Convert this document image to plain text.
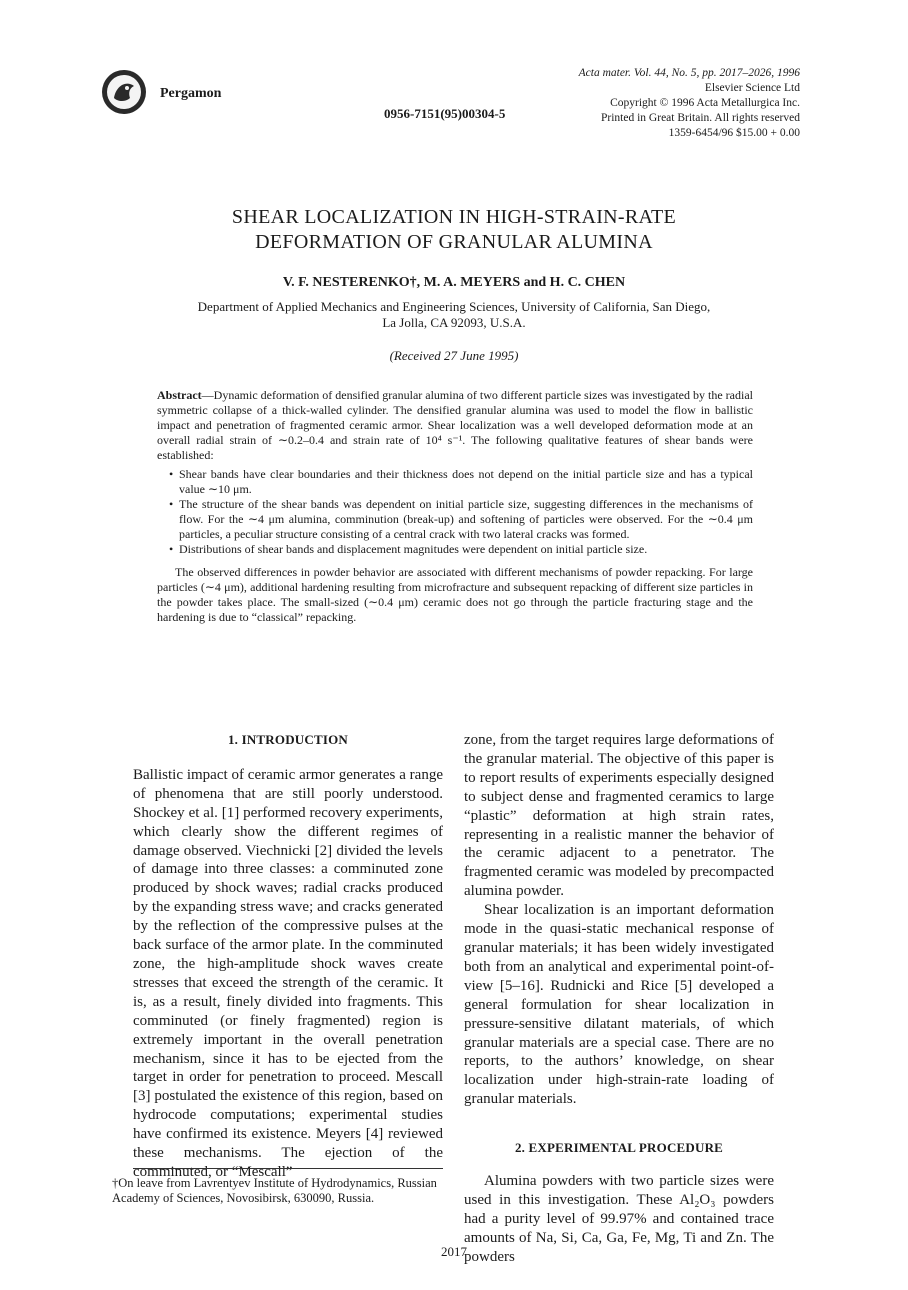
Pergamon
0956-7151(95)00304-5
Acta mater. Vol. 44, No. 5, pp. 2017–2026, 1996
Elsevier Science Ltd
Copyright © 1996 Acta Metallurgica Inc.
Printed in Great Britain. All rights reserved
1359-6454/96 $15.00 + 0.00
SHEAR LOCALIZATION IN HIGH-STRAIN-RATE
DEFORMATION OF GRANULAR ALUMINA
V. F. NESTERENKO†, M. A. MEYERS and H. C. CHEN
Department of Applied Mechanics and Engineering Sciences, University of California, San Diego,
La Jolla, CA 92093, U.S.A.
(Received 27 June 1995)

Abstract—Dynamic deformation of densified granular alumina of two different particle sizes was investigated by the radial symmetric collapse of a thick-walled cylinder. The densified granular alumina was used to model the flow in ballistic impact and penetration of fragmented ceramic armor. Shear localization was a well developed deformation mode at an overall radial strain of ∼0.2–0.4 and strain rate of 10⁴ s⁻¹. The following qualitative features of shear bands were established:

• Shear bands have clear boundaries and their thickness does not depend on the initial particle size and has a typical value ∼10 μm.
• The structure of the shear bands was dependent on initial particle size, suggesting differences in the mechanisms of flow. For the ∼4 μm alumina, comminution (break-up) and softening of particles were observed. For the ∼0.4 μm particles, a peculiar structure consisting of a central crack with two lateral cracks was formed.
• Distributions of shear bands and displacement magnitudes were dependent on initial particle size.

The observed differences in powder behavior are associated with different mechanisms of powder repacking. For large particles (∼4 μm), additional hardening resulting from microfracture and subsequent repacking of different size particles in the powder takes place. The small-sized (∼0.4 μm) ceramic does not go through the particle fracturing stage and the hardening is due to “classical” repacking.

1. INTRODUCTION

Ballistic impact of ceramic armor generates a range of phenomena that are still poorly understood. Shockey et al. [1] performed recovery experiments, which clearly show the different regimes of damage observed. Viechnicki [2] divided the levels of damage into three classes: a comminuted zone produced by shock waves; radial cracks produced by the expanding stress wave; and cracks generated by the reflection of the compressive pulses at the back surface of the armor plate. In the comminuted zone, the high-amplitude shock waves create stresses that exceed the strength of the ceramic. It is, as a result, finely divided into fragments. This comminuted (or finely fragmented) region is extremely important in the overall penetration mechanism, since it has to be ejected from the target in order for penetration to proceed. Mescall [3] postulated the existence of this region, based on hydrocode computations; experimental studies have confirmed its existence. Meyers [4] reviewed these mechanisms. The ejection of the comminuted, or “Mescall”

zone, from the target requires large deformations of the granular material. The objective of this paper is to report results of experiments especially designed to subject dense and fragmented ceramics to large “plastic” deformation at high strain rates, representing in a realistic manner the behavior of the ceramic adjacent to a penetrator. The fragmented ceramic was modeled by precompacted alumina powder.

Shear localization is an important deformation mode in the quasi-static mechanical response of granular materials; it has been widely investigated both from an analytical and experimental point-of-view [5–16]. Rudnicki and Rice [5] developed a general formulation for shear localization in pressure-sensitive dilatant materials, of which granular materials are a special case. There are no reports, to the authors’ knowledge, on shear localization under high-strain-rate loading of granular materials.

2. EXPERIMENTAL PROCEDURE

Alumina powders with two particle sizes were used in this investigation. These Al₂O₃ powders had a purity level of 99.97% and contained trace amounts of Na, Si, Ca, Ga, Fe, Mg, Ti and Zn. The powders

†On leave from Lavrentyev Institute of Hydrodynamics, Russian Academy of Sciences, Novosibirsk, 630090, Russia.
2017
